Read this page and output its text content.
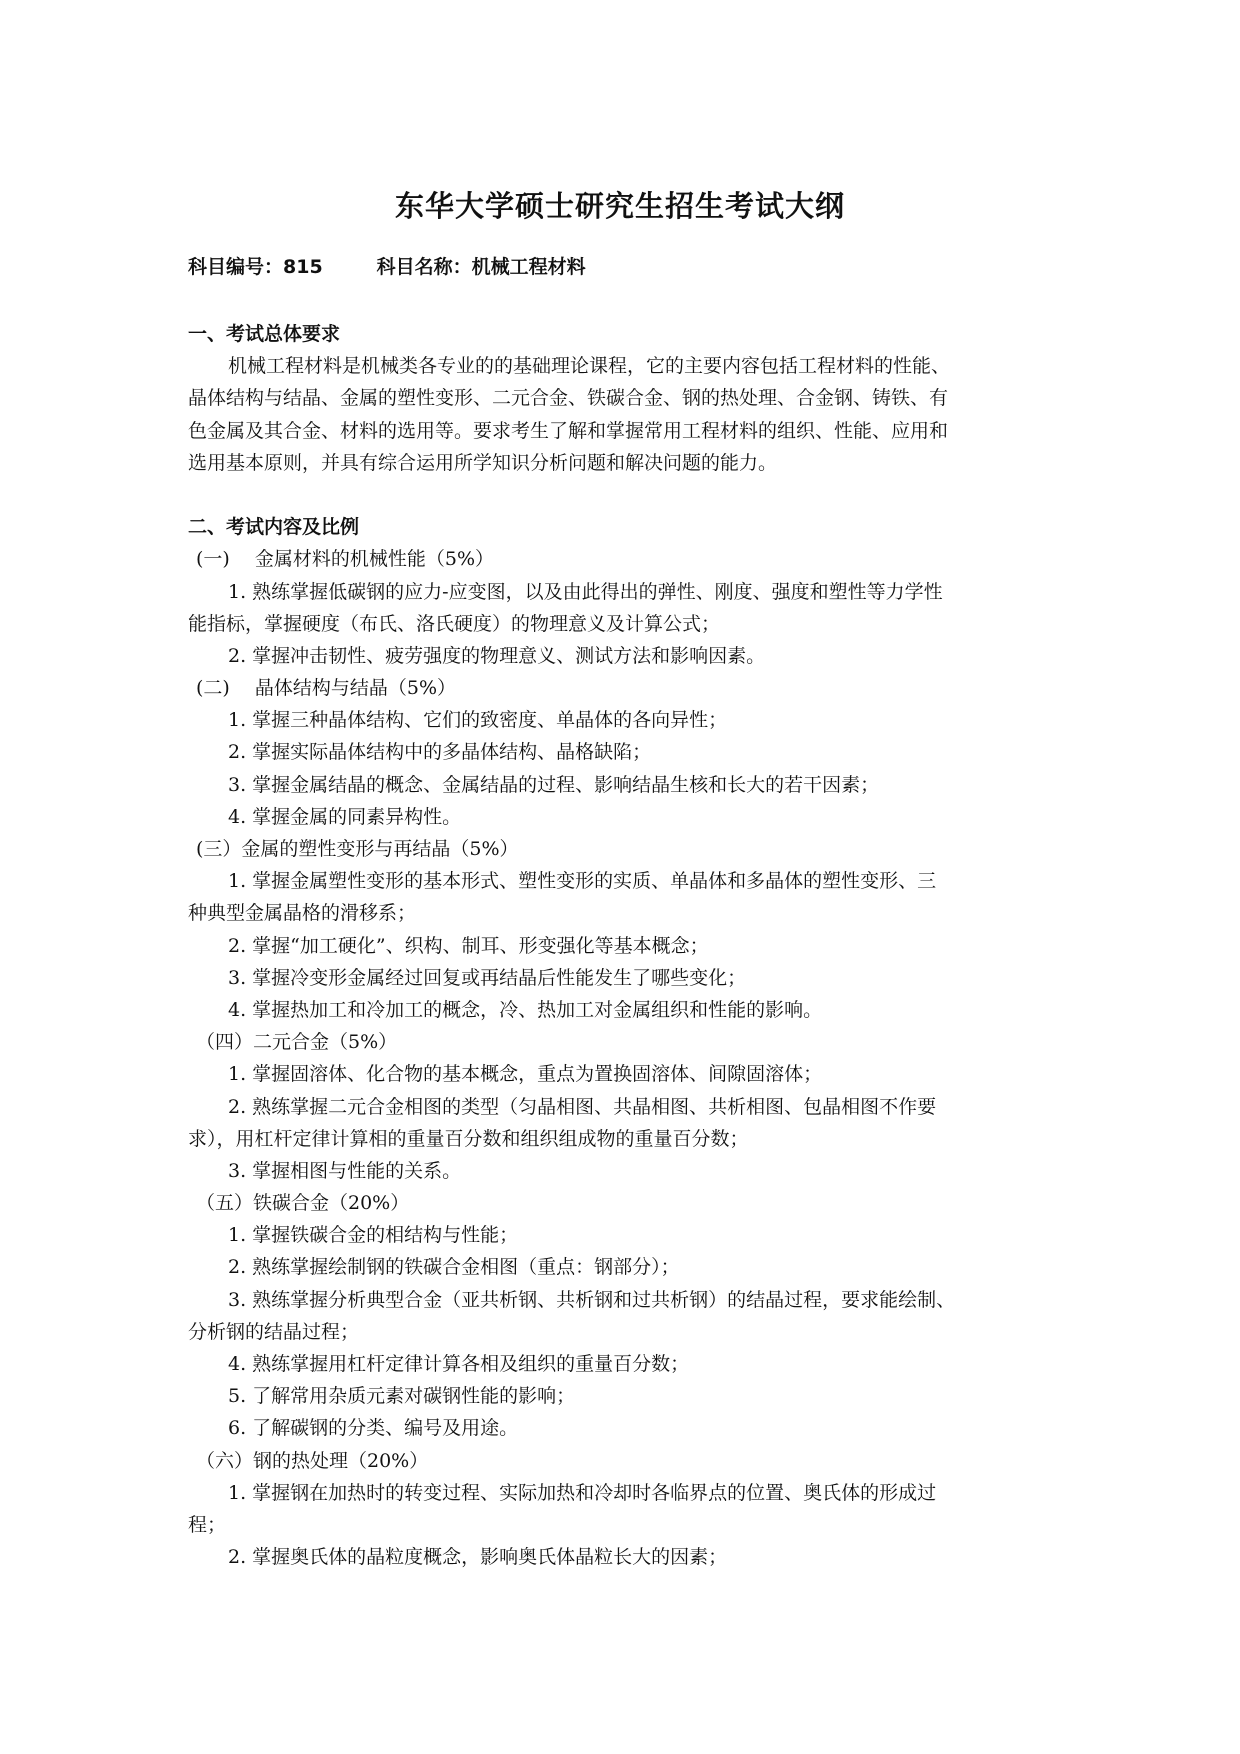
东华大学硕士研究生招生考试大纲
科目编号：815	科目名称：机械工程材料
一、考试总体要求
机械工程材料是机械类各专业的的基础理论课程，它的主要内容包括工程材料的性能、
晶体结构与结晶、金属的塑性变形、二元合金、铁碳合金、钢的热处理、合金钢、铸铁、有
色金属及其合金、材料的选用等。要求考生了解和掌握常用工程材料的组织、性能、应用和
选用基本原则，并具有综合运用所学知识分析问题和解决问题的能力。
二、考试内容及比例
(一)　 金属材料的机械性能（5%）
1. 熟练掌握低碳钢的应力-应变图，以及由此得出的弹性、刚度、强度和塑性等力学性
能指标，掌握硬度（布氏、洛氏硬度）的物理意义及计算公式；
2. 掌握冲击韧性、疲劳强度的物理意义、测试方法和影响因素。
(二)　 晶体结构与结晶（5%）
1. 掌握三种晶体结构、它们的致密度、单晶体的各向异性；
2. 掌握实际晶体结构中的多晶体结构、晶格缺陷；
3. 掌握金属结晶的概念、金属结晶的过程、影响结晶生核和长大的若干因素；
4. 掌握金属的同素异构性。
(三）金属的塑性变形与再结晶（5%）
1. 掌握金属塑性变形的基本形式、塑性变形的实质、单晶体和多晶体的塑性变形、三
种典型金属晶格的滑移系；
2. 掌握“加工硬化”、织构、制耳、形变强化等基本概念；
3. 掌握冷变形金属经过回复或再结晶后性能发生了哪些变化；
4. 掌握热加工和冷加工的概念，冷、热加工对金属组织和性能的影响。
（四）二元合金（5%）
1. 掌握固溶体、化合物的基本概念，重点为置换固溶体、间隙固溶体；
2. 熟练掌握二元合金相图的类型（匀晶相图、共晶相图、共析相图、包晶相图不作要
求），用杠杆定律计算相的重量百分数和组织组成物的重量百分数；
3. 掌握相图与性能的关系。
（五）铁碳合金（20%）
1. 掌握铁碳合金的相结构与性能；
2. 熟练掌握绘制钢的铁碳合金相图（重点：钢部分）；
3. 熟练掌握分析典型合金（亚共析钢、共析钢和过共析钢）的结晶过程，要求能绘制、
分析钢的结晶过程；
4. 熟练掌握用杠杆定律计算各相及组织的重量百分数；
5. 了解常用杂质元素对碳钢性能的影响；
6. 了解碳钢的分类、编号及用途。
（六）钢的热处理（20%）
1. 掌握钢在加热时的转变过程、实际加热和冷却时各临界点的位置、奥氏体的形成过
程；
2. 掌握奥氏体的晶粒度概念，影响奥氏体晶粒长大的因素；
